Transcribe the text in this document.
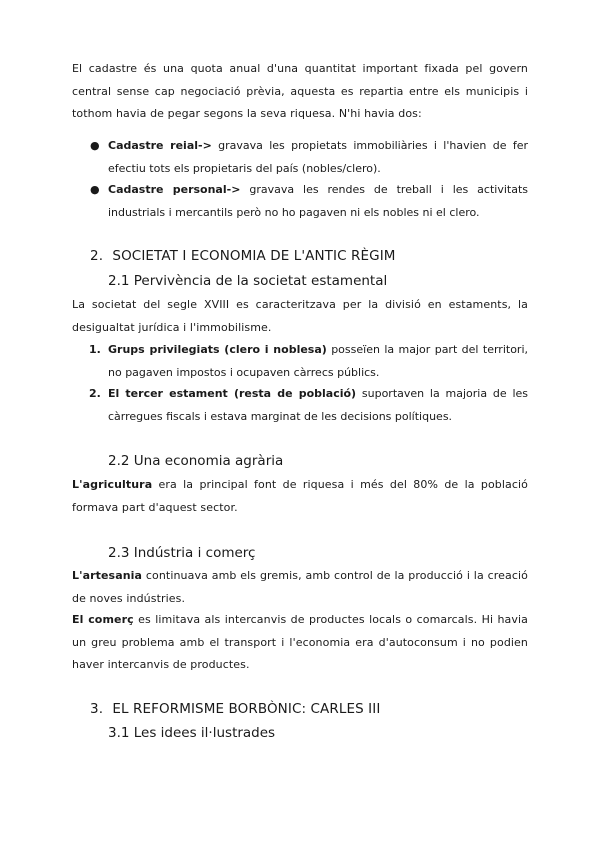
El cadastre és una quota anual d'una quantitat important fixada pel govern central sense cap negociació prèvia, aquesta es repartia entre els municipis i tothom havia de pegar segons la seva riquesa. N'hi havia dos:

● Cadastre reial-> gravava les propietats immobiliàries i l'havien de fer efectiu tots els propietaris del país (nobles/clero).

● Cadastre personal-> gravava les rendes de treball i les activitats industrials i mercantils però no ho pagaven ni els nobles ni el clero.

2. SOCIETAT I ECONOMIA DE L'ANTIC RÈGIM
2.1 Pervivència de la societat estamental

La societat del segle XVIII es caracteritzava per la divisió en estaments, la desigualtat jurídica i l'immobilisme.

1. Grups privilegiats (clero i noblesa) posseïen la major part del territori, no pagaven impostos i ocupaven càrrecs públics.

2. El tercer estament (resta de població) suportaven la majoria de les càrregues fiscals i estava marginat de les decisions polítiques.

2.2 Una economia agrària

L'agricultura era la principal font de riquesa i més del 80% de la població formava part d'aquest sector.

2.3 Indústria i comerç

L'artesania continuava amb els gremis, amb control de la producció i la creació de noves indústries.

El comerç es limitava als intercanvis de productes locals o comarcals. Hi havia un greu problema amb el transport i l'economia era d'autoconsum i no podien haver intercanvis de productes.

3. EL REFORMISME BORBÒNIC: CARLES III
3.1 Les idees il·lustrades
